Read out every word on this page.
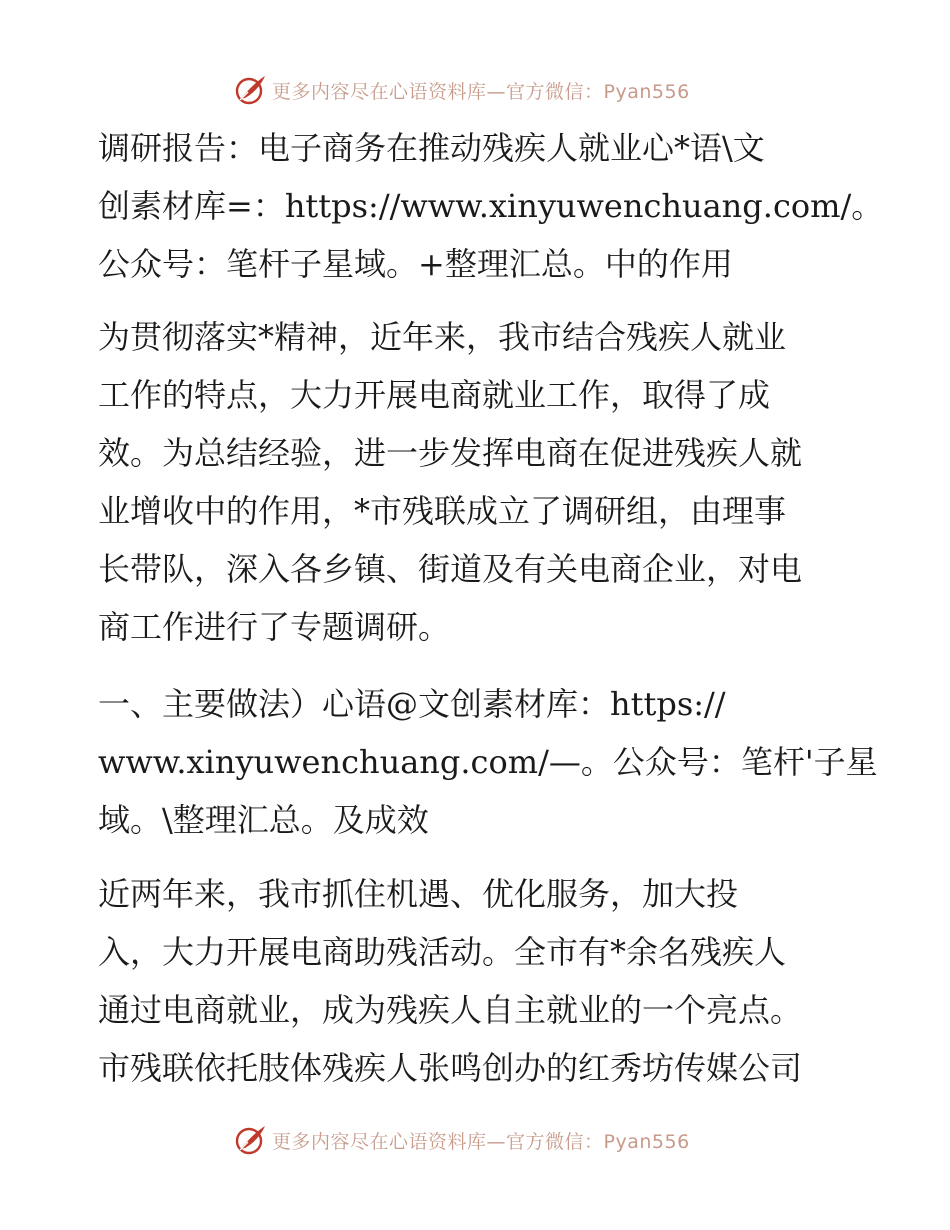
更多内容尽在心语资料库—官方微信：Pyan556
调研报告：电子商务在推动残疾人就业心*语\文
创素材库=：https://www.xinyuwenchuang.com/。
公众号：笔杆子星域。+整理汇总。中的作用
为贯彻落实*精神，近年来，我市结合残疾人就业
工作的特点，大力开展电商就业工作，取得了成
效。为总结经验，进一步发挥电商在促进残疾人就
业增收中的作用，*市残联成立了调研组，由理事
长带队，深入各乡镇、街道及有关电商企业，对电
商工作进行了专题调研。
一、主要做法）心语@文创素材库：https://
www.xinyuwenchuang.com/—。公众号：笔杆'子星
域。\整理汇总。及成效
近两年来，我市抓住机遇、优化服务，加大投
入，大力开展电商助残活动。全市有*余名残疾人
通过电商就业，成为残疾人自主就业的一个亮点。
市残联依托肢体残疾人张鸣创办的红秀坊传媒公司
更多内容尽在心语资料库—官方微信：Pyan556
